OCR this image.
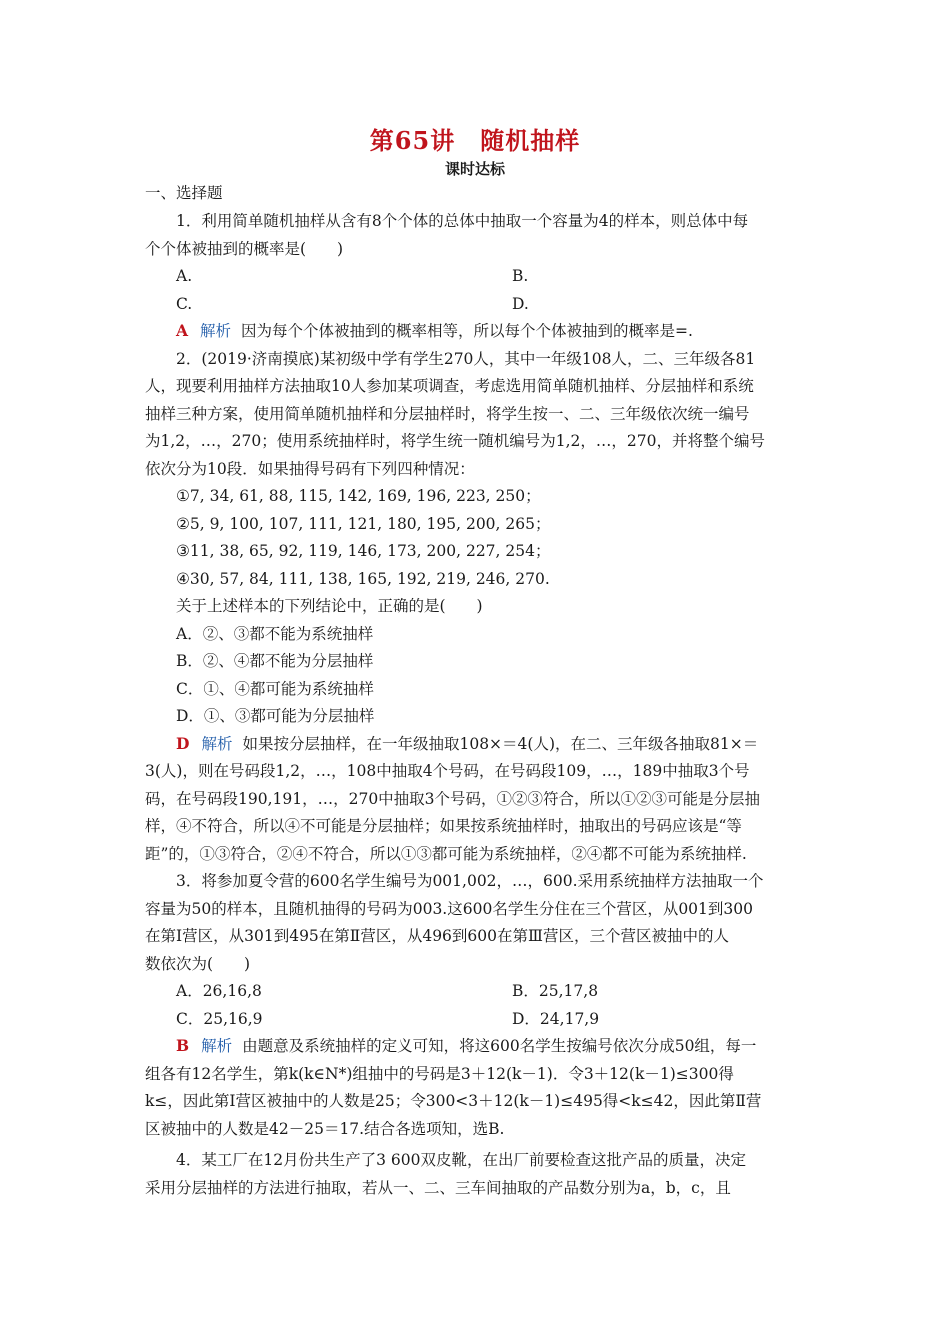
第65讲　随机抽样
课时达标
一、选择题
1．利用简单随机抽样从含有8个个体的总体中抽取一个容量为4的样本，则总体中每
个个体被抽到的概率是(　　)
A.	B.
C.	D.
A 解析 因为每个个体被抽到的概率相等，所以每个个体被抽到的概率是=.
2．(2019·济南摸底)某初级中学有学生270人，其中一年级108人，二、三年级各81
人，现要利用抽样方法抽取10人参加某项调查，考虑选用简单随机抽样、分层抽样和系统
抽样三种方案，使用简单随机抽样和分层抽样时，将学生按一、二、三年级依次统一编号
为1,2，…，270；使用系统抽样时，将学生统一随机编号为1,2，…，270，并将整个编号
依次分为10段．如果抽得号码有下列四种情况：
①7, 34, 61, 88, 115, 142, 169, 196, 223, 250；
②5, 9, 100, 107, 111, 121, 180, 195, 200, 265；
③11, 38, 65, 92, 119, 146, 173, 200, 227, 254；
④30, 57, 84, 111, 138, 165, 192, 219, 246, 270.
关于上述样本的下列结论中，正确的是(　　)
A．②、③都不能为系统抽样
B．②、④都不能为分层抽样
C．①、④都可能为系统抽样
D．①、③都可能为分层抽样
D 解析 如果按分层抽样，在一年级抽取108×＝4(人)，在二、三年级各抽取81×＝
3(人)，则在号码段1,2，…，108中抽取4个号码，在号码段109，…，189中抽取3个号
码，在号码段190,191，…，270中抽取3个号码，①②③符合，所以①②③可能是分层抽
样，④不符合，所以④不可能是分层抽样；如果按系统抽样时，抽取出的号码应该是“等
距”的，①③符合，②④不符合，所以①③都可能为系统抽样，②④都不可能为系统抽样.
3．将参加夏令营的600名学生编号为001,002，…，600.采用系统抽样方法抽取一个
容量为50的样本，且随机抽得的号码为003.这600名学生分住在三个营区，从001到300
在第Ⅰ营区，从301到495在第Ⅱ营区，从496到600在第Ⅲ营区，三个营区被抽中的人
数依次为(　　)
A．26,16,8	B．25,17,8
C．25,16,9	D．24,17,9
B 解析 由题意及系统抽样的定义可知，将这600名学生按编号依次分成50组，每一
组各有12名学生，第k(k∈N*)组抽中的号码是3＋12(k－1)．令3＋12(k－1)≤300得
k≤，因此第Ⅰ营区被抽中的人数是25；令300<3＋12(k－1)≤495得<k≤42，因此第Ⅱ营
区被抽中的人数是42－25＝17.结合各选项知，选B.
4．某工厂在12月份共生产了3 600双皮靴，在出厂前要检查这批产品的质量，决定
采用分层抽样的方法进行抽取，若从一、二、三车间抽取的产品数分别为a，b，c，且
